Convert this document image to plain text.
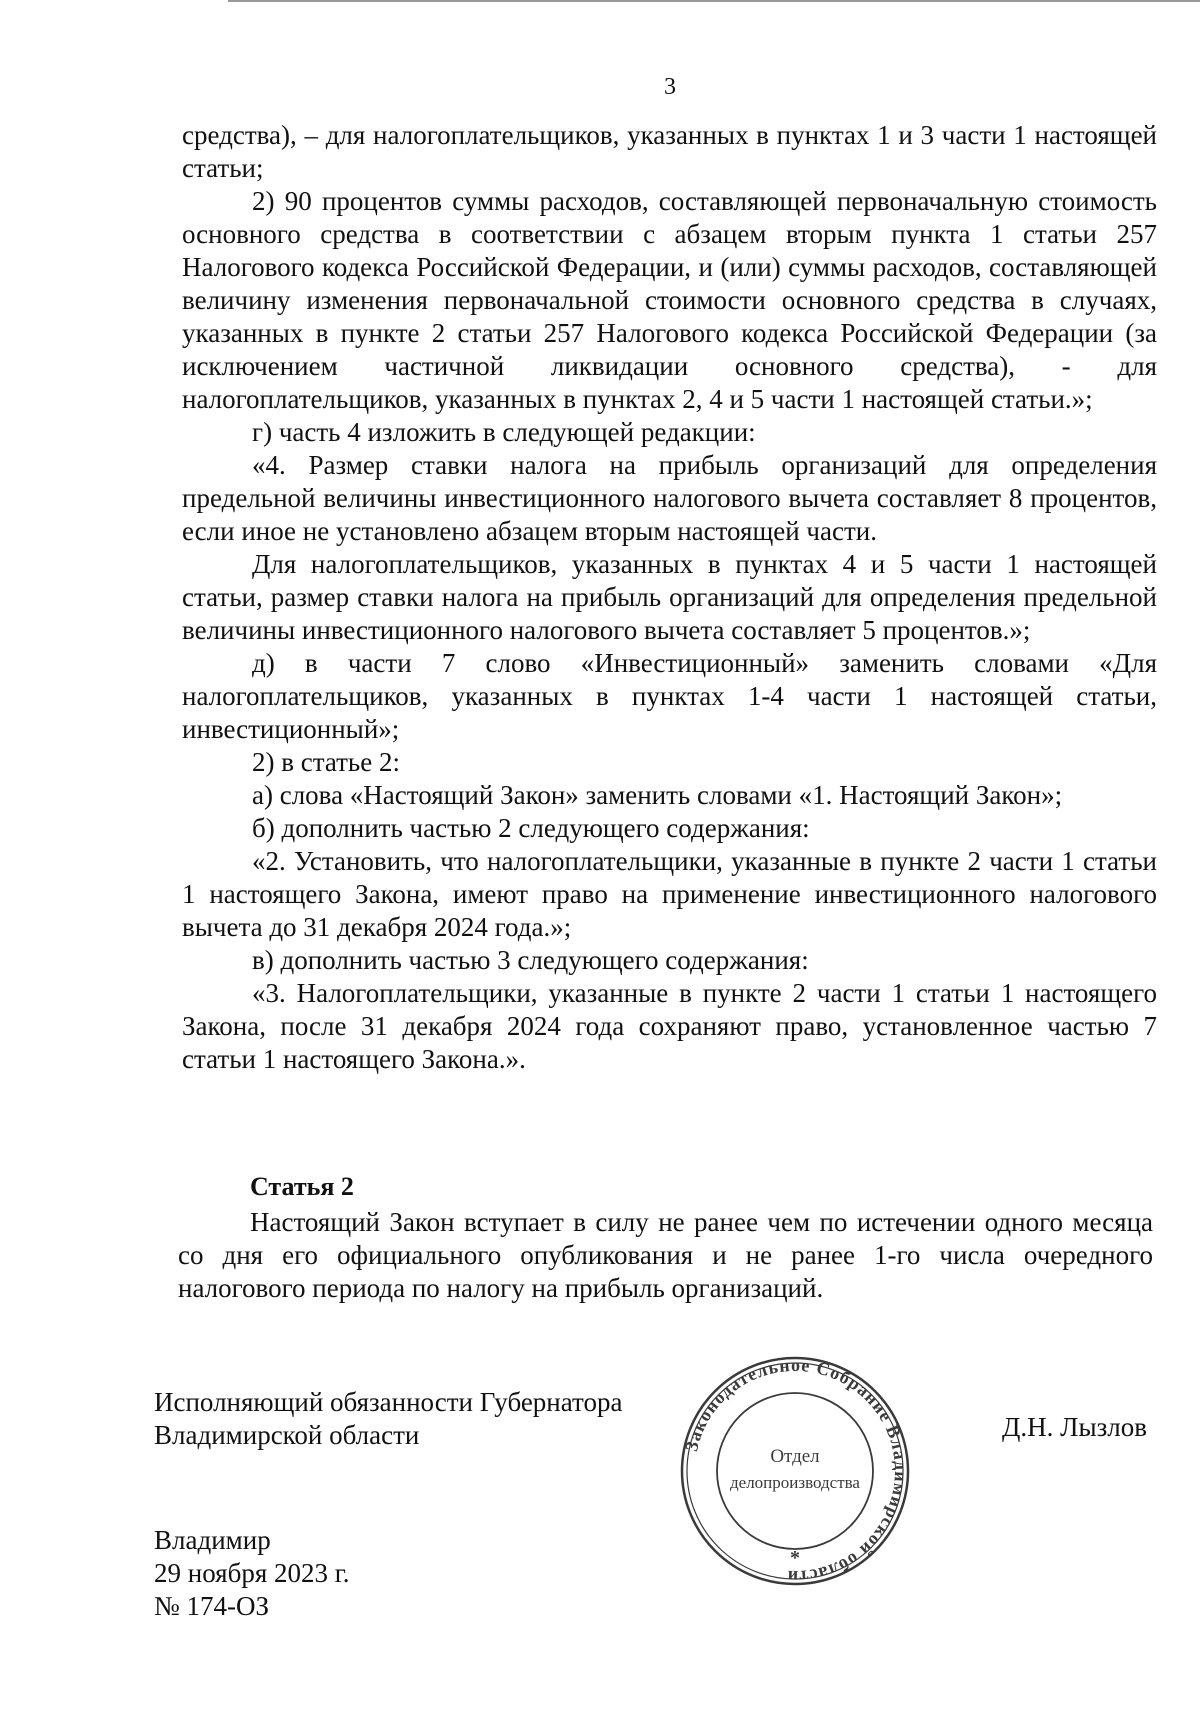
3

средства), – для налогоплательщиков, указанных в пунктах 1 и 3 части 1 настоящей статьи;

2) 90 процентов суммы расходов, составляющей первоначальную стоимость основного средства в соответствии с абзацем вторым пункта 1 статьи 257 Налогового кодекса Российской Федерации, и (или) суммы расходов, составляющей величину изменения первоначальной стоимости основного средства в случаях, указанных в пункте 2 статьи 257 Налогового кодекса Российской Федерации (за исключением частичной ликвидации основного средства), - для налогоплательщиков, указанных в пунктах 2, 4 и 5 части 1 настоящей статьи.»;

г) часть 4 изложить в следующей редакции:

«4. Размер ставки налога на прибыль организаций для определения предельной величины инвестиционного налогового вычета составляет 8 процентов, если иное не установлено абзацем вторым настоящей части.

Для налогоплательщиков, указанных в пунктах 4 и 5 части 1 настоящей статьи, размер ставки налога на прибыль организаций для определения предельной величины инвестиционного налогового вычета составляет 5 процентов.»;

д) в части 7 слово «Инвестиционный» заменить словами «Для налогоплательщиков, указанных в пунктах 1-4 части 1 настоящей статьи, инвестиционный»;

2) в статье 2:

а) слова «Настоящий Закон» заменить словами «1. Настоящий Закон»;

б) дополнить частью 2 следующего содержания:

«2. Установить, что налогоплательщики, указанные в пункте 2 части 1 статьи 1 настоящего Закона, имеют право на применение инвестиционного налогового вычета до 31 декабря 2024 года.»;

в) дополнить частью 3 следующего содержания:

«3. Налогоплательщики, указанные в пункте 2 части 1 статьи 1 настоящего Закона, после 31 декабря 2024 года сохраняют право, установленное частью 7 статьи 1 настоящего Закона.».

Статья 2

Настоящий Закон вступает в силу не ранее чем по истечении одного месяца со дня его официального опубликования и не ранее 1-го числа очередного налогового периода по налогу на прибыль организаций.

Исполняющий обязанности Губернатора
Владимирской области	Законодательное Собрание Владимирской области
Отдел
делопроизводства
*
Д.Н. Лызлов
Владимир
29 ноября 2023 г.
№ 174-ОЗ
